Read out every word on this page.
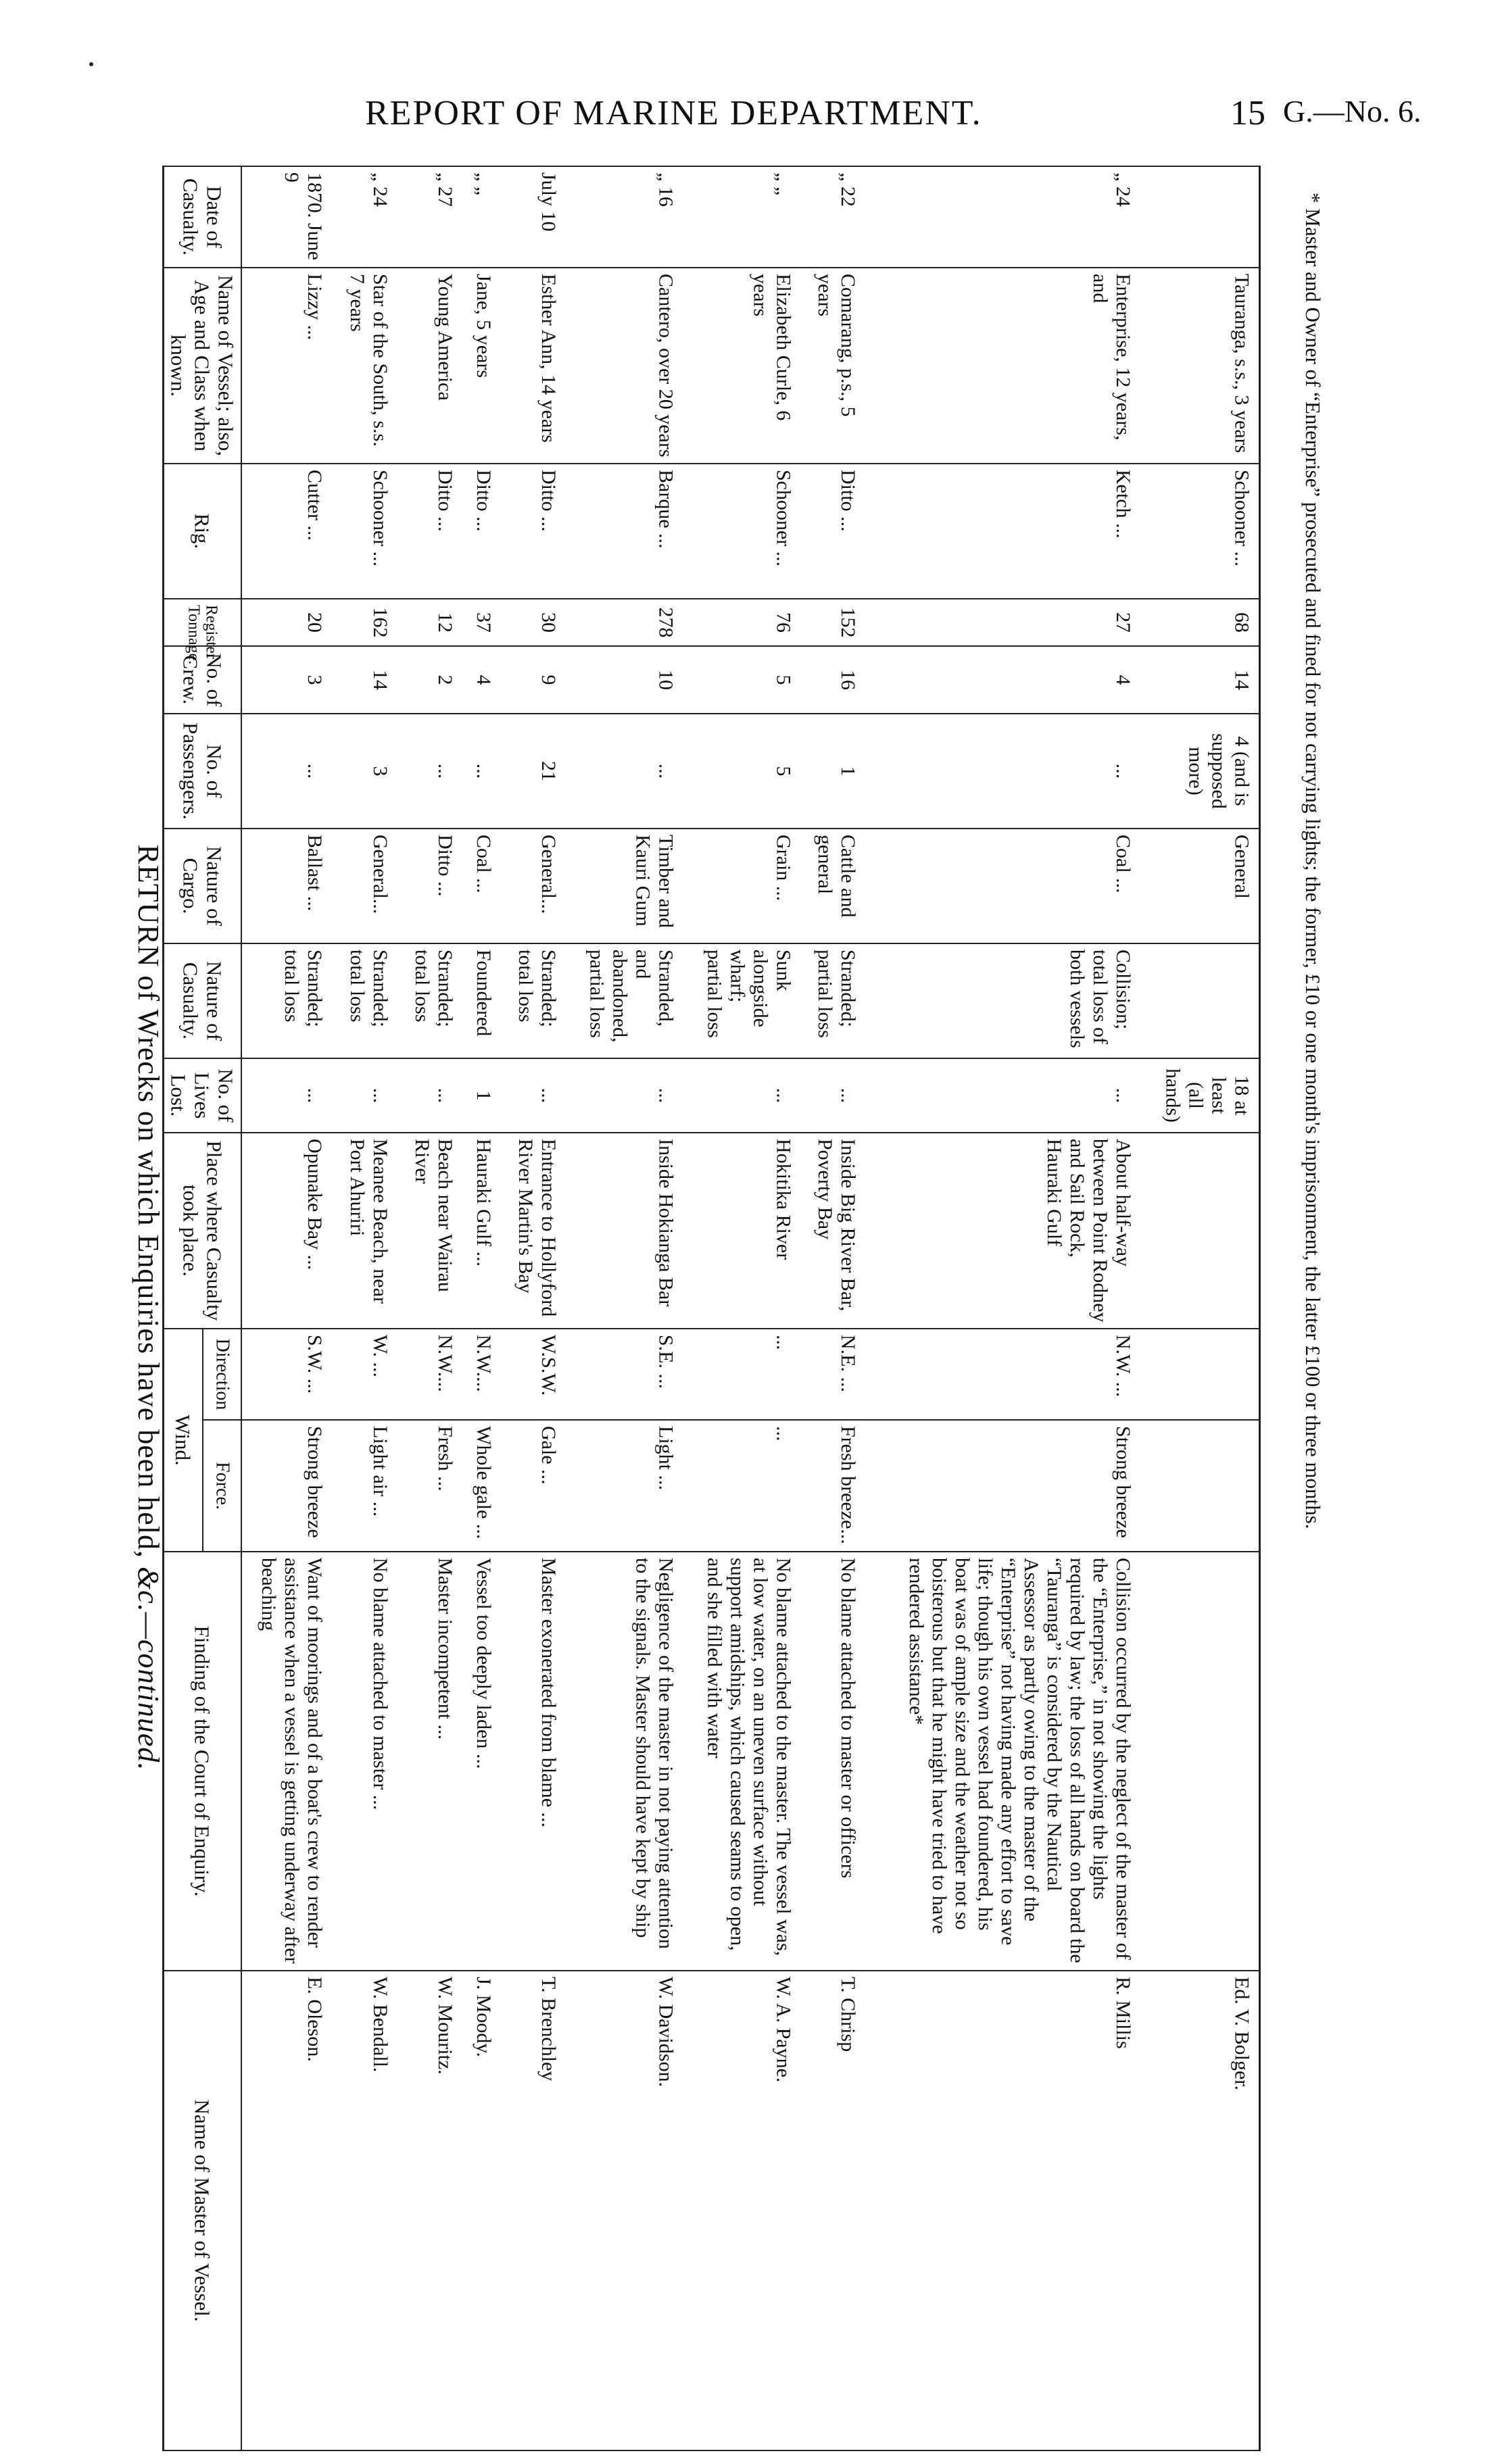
REPORT OF MARINE DEPARTMENT.	15 G.—No. 6.
* Master and Owner of “Enterprise” prosecuted and fined for not carrying lights; the former, £10 or one month's imprisonment, the latter £100 or three months.
Date of Casualty.	Name of Vessel; also, Age and Class when known.	Rig.	Register Tonnage.	No. of Crew.	No. of Passengers.	Nature of Cargo.	Nature of Casualty.	No. of Lives Lost.	Place where Casualty took place.	Wind.		Finding of the Court of Enquiry.	Name of Master of Vessel.
										Direction	Force.		
1870. June 9	Lizzy ...	Cutter ...	20	3	...	Ballast ...	Stranded; total loss	...	Opunake Bay ...	S.W. ...	Strong breeze	Want of moorings and of a boat's crew to render assistance when a vessel is getting underway after beaching	E. Oleson.
„ 24	Star of the South, s.s. 7 years	Schooner ...	162	14	3	General...	Stranded; total loss	...	Meanee Beach, near Port Ahuriri	W. ...	Light air ...	No blame attached to master ...	W. Bendall.
„ 27	Young America	Ditto ...	12	2	...	Ditto ...	Stranded; total loss	...	Beach near Wairau River	N.W....	Fresh ...	Master incompetent ...	W. Mouritz.
„ „	Jane, 5 years	Ditto ...	37	4	...	Coal ...	Foundered	1	Hauraki Gulf ...	N.W....	Whole gale ...	Vessel too deeply laden ...	J. Moody.
July 10	Esther Ann, 14 years	Ditto ...	30	9	21	General...	Stranded; total loss	...	Entrance to Hollyford River Martin's Bay	W.S.W.	Gale ...	Master exonerated from blame ...	T. Brenchley
„ 16	Cantero, over 20 years	Barque ...	278	10	...	Timber and Kauri Gum	Stranded, and abandoned, partial loss	...	Inside Hokianga Bar	S.E. ...	Light ...	Negligence of the master in not paying attention to the signals. Master should have kept by ship	W. Davidson.
„ „	Elizabeth Curle, 6 years	Schooner ...	76	5	5	Grain ...	Sunk alongside wharf; partial loss	...	Hokitika River	...	...	No blame attached to the master. The vessel was, at low water, on an uneven surface without support amidships, which caused seams to open, and she filled with water	W. A. Payne.
„ 22	Comarang, p.s., 5 years	Ditto ...	152	16	1	Cattle and general	Stranded; partial loss	...	Inside Big River Bar, Poverty Bay	N.E. ...	Fresh breeze...	No blame attached to master or officers	T. Chrisp
„ 24	Enterprise, 12 years, and	Ketch ...	27	4	...	Coal ...	Collision; total loss of both vessels	...	About half-way between Point Rodney and Sail Rock, Hauraki Gulf	N.W. ...	Strong breeze	Collision occurred by the neglect of the master of the “Enterprise,” in not showing the lights required by law; the loss of all hands on board the “Tauranga” is considered by the Nautical Assessor as partly owing to the master of the “Enterprise” not having made any effort to save life; though his own vessel had foundered, his boat was of ample size and the weather not so boisterous but that he might have tried to have rendered assistance*	R. Millis
	Tauranga, s.s., 3 years	Schooner ...	68	14	4 (and is supposed more)	General		18 at least (all hands)					Ed. V. Bolger.
RETURN of Wrecks on which Enquiries have been held, &c.—continued.
